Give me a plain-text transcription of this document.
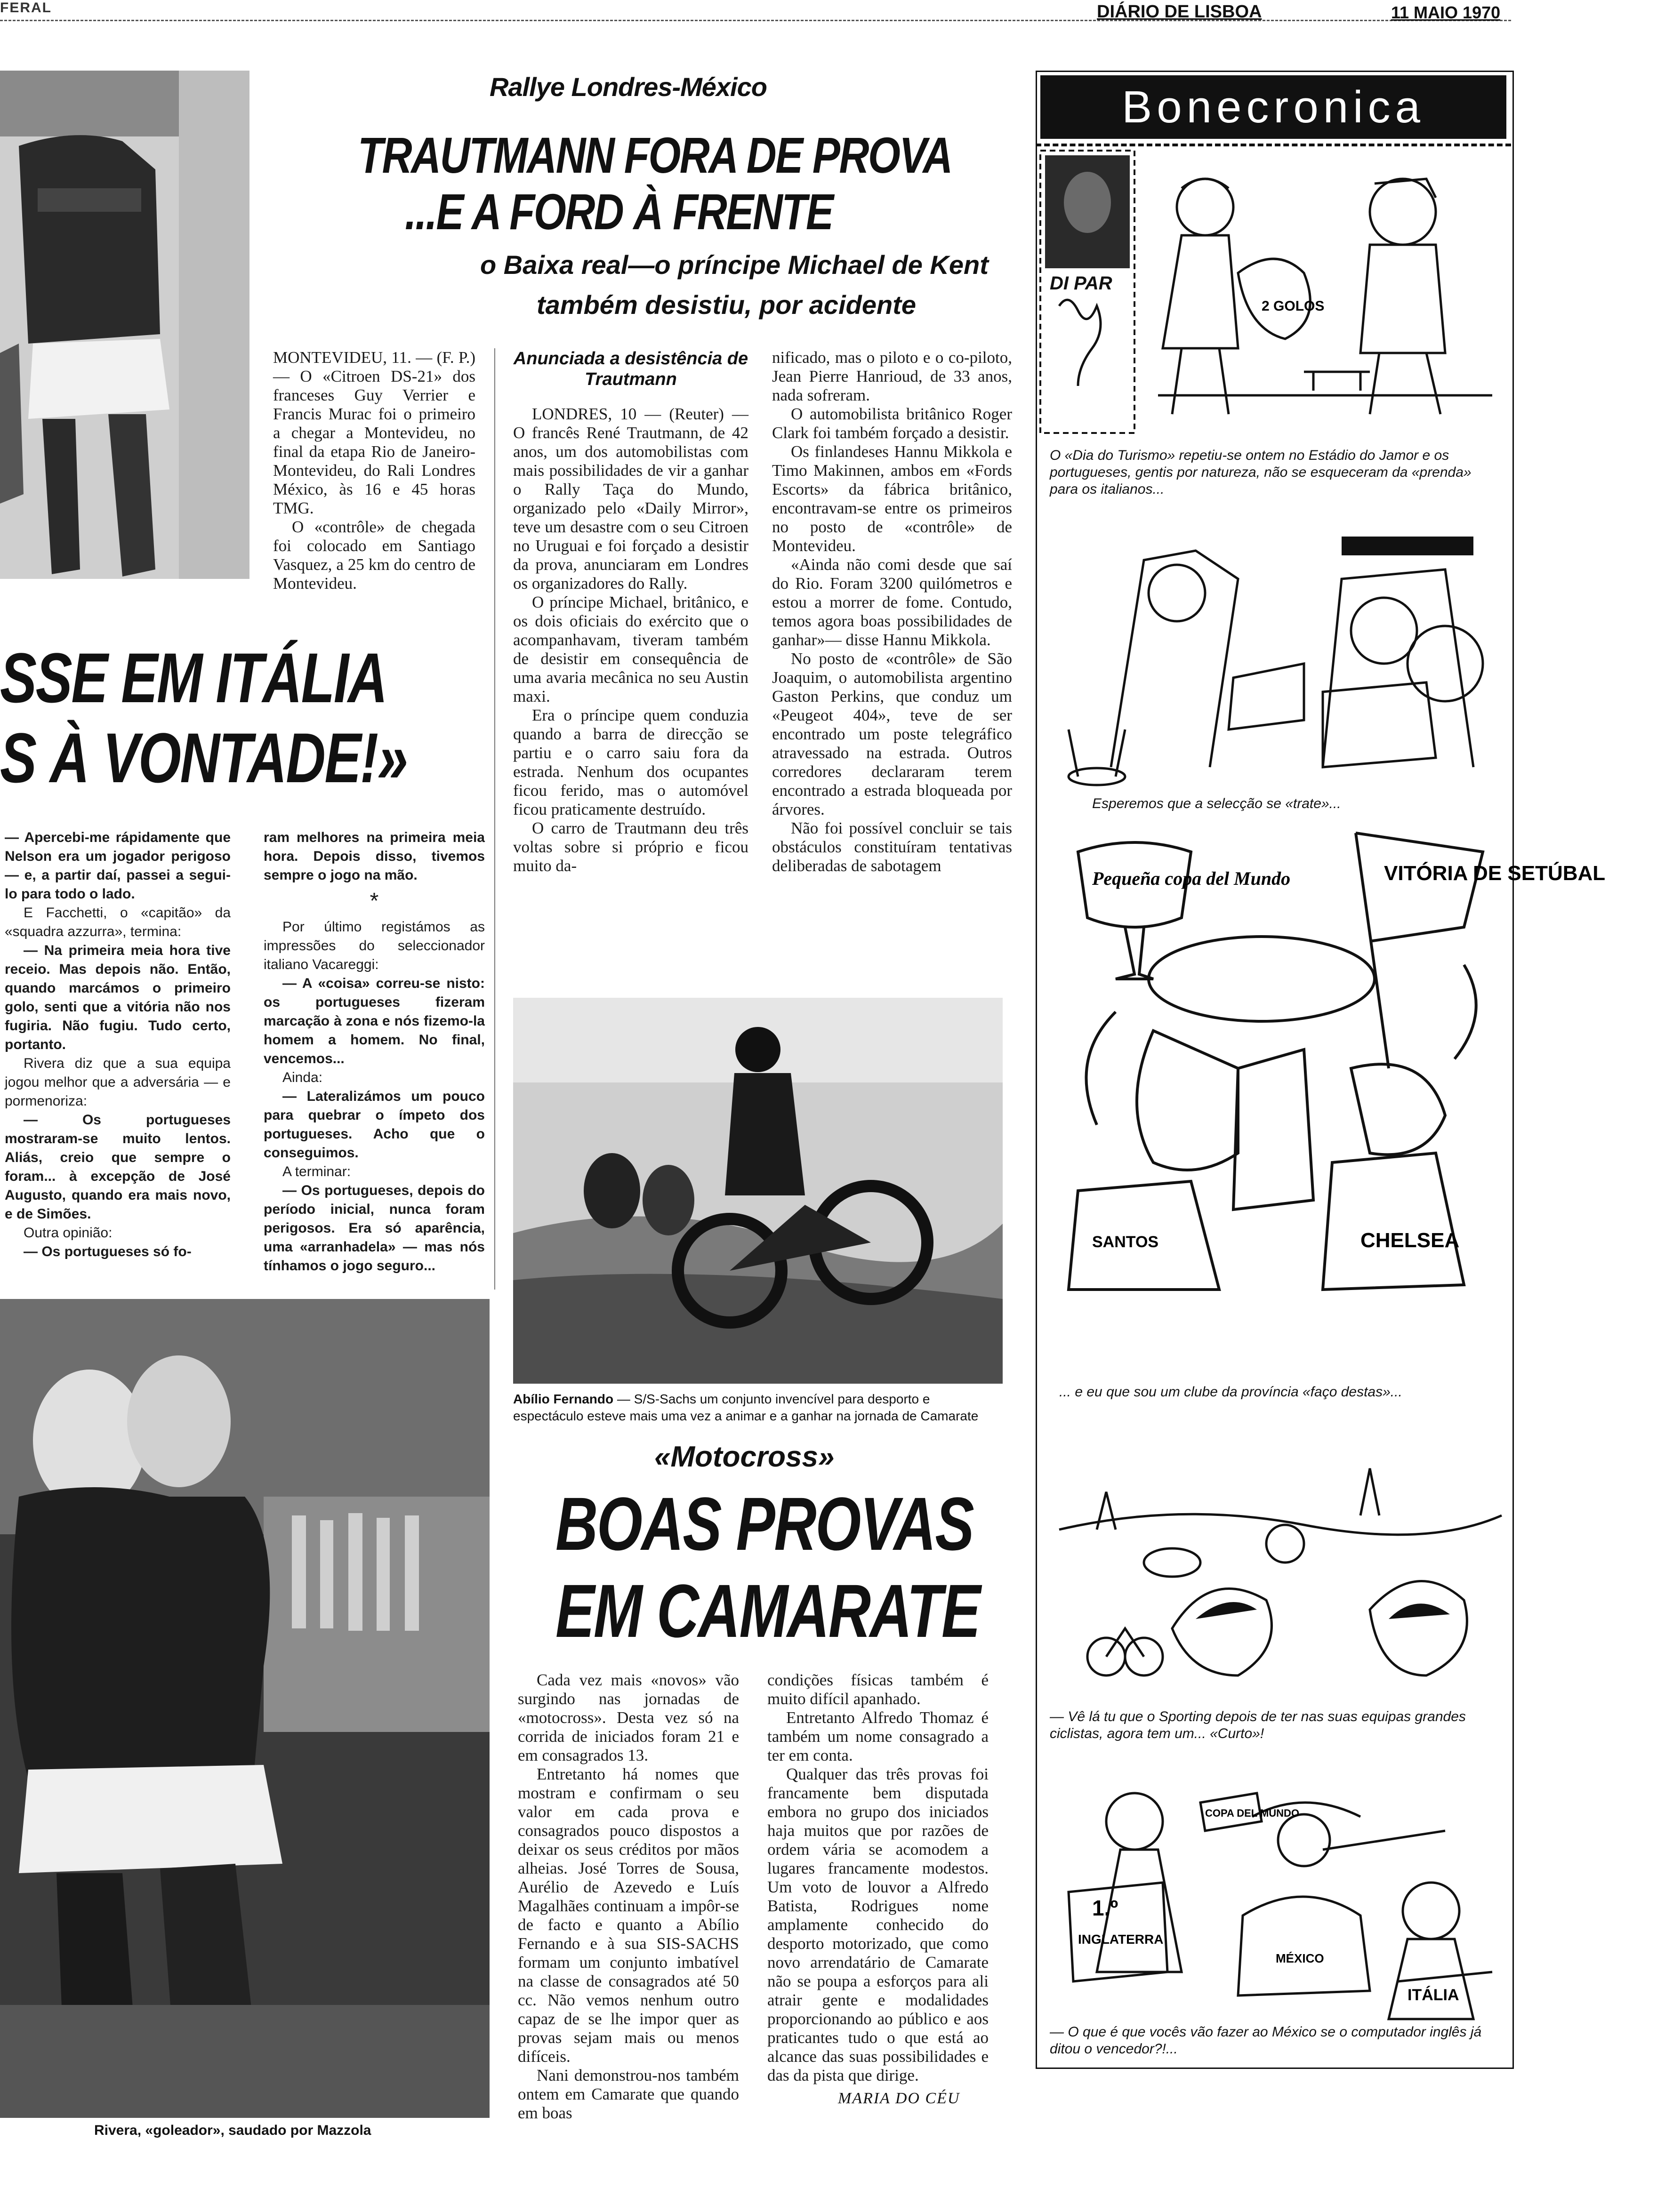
FERAL	DIÁRIO DE LISBOA	11 MAIO 1970
Rallye Londres-México
TRAUTMANN FORA DE PROVA
...E A FORD À FRENTE
o Baixa real—o príncipe Michael de Kent
também desistiu, por acidente

MONTEVIDEU, 11. — (F. P.) — O «Citroen DS-21» dos franceses Guy Verrier e Francis Murac foi o primeiro a chegar a Montevideu, no final da etapa Rio de Janeiro-Montevideu, do Rali Londres México, às 16 e 45 horas TMG.

O «contrôle» de chegada foi colocado em Santiago Vasquez, a 25 km do centro de Montevideu.

Anunciada a desistência de Trautmann

LONDRES, 10 — (Reuter) — O francês René Trautmann, de 42 anos, um dos automobilistas com mais possibilidades de vir a ganhar o Rally Taça do Mundo, organizado pelo «Daily Mirror», teve um desastre com o seu Citroen no Uruguai e foi forçado a desistir da prova, anunciaram em Londres os organizadores do Rally.

O príncipe Michael, britânico, e os dois oficiais do exército que o acompanhavam, tiveram também de desistir em consequência de uma avaria mecânica no seu Austin maxi.

Era o príncipe quem conduzia quando a barra de direcção se partiu e o carro saiu fora da estrada. Nenhum dos ocupantes ficou ferido, mas o automóvel ficou praticamente destruído.

O carro de Trautmann deu três voltas sobre si próprio e ficou muito da-

nificado, mas o piloto e o co-piloto, Jean Pierre Hanrioud, de 33 anos, nada sofreram.

O automobilista britânico Roger Clark foi também forçado a desistir.

Os finlandeses Hannu Mikkola e Timo Makinnen, ambos em «Fords Escorts» da fábrica britânico, encontravam-se entre os primeiros no posto de «contrôle» de Montevideu.

«Ainda não comi desde que saí do Rio. Foram 3200 quilómetros e estou a morrer de fome. Contudo, temos agora boas possibilidades de ganhar»— disse Hannu Mikkola.

No posto de «contrôle» de São Joaquim, o automobilista argentino Gaston Perkins, que conduz um «Peugeot 404», teve de ser encontrado um poste telegráfico atravessado na estrada. Outros corredores declararam terem encontrado a estrada bloqueada por árvores.

Não foi possível concluir se tais obstáculos constituíram tentativas deliberadas de sabotagem

SSE EM ITÁLIA
S À VONTADE!»

— Apercebi-me rápidamente que Nelson era um jogador perigoso — e, a partir daí, passei a segui-lo para todo o lado.

E Facchetti, o «capitão» da «squadra azzurra», termina:

— Na primeira meia hora tive receio. Mas depois não. Então, quando marcámos o primeiro golo, senti que a vitória não nos fugiria. Não fugiu. Tudo certo, portanto.

Rivera diz que a sua equipa jogou melhor que a adversária — e pormenoriza:

— Os portugueses mostraram-se muito lentos. Aliás, creio que sempre o foram... à excepção de José Augusto, quando era mais novo, e de Simões.

Outra opinião:

— Os portugueses só fo-

ram melhores na primeira meia hora. Depois disso, tivemos sempre o jogo na mão.

*

Por último registámos as impressões do seleccionador italiano Vacareggi:

— A «coisa» correu-se nisto: os portugueses fizeram marcação à zona e nós fizemo-la homem a homem. No final, vencemos...

Ainda:

— Lateralizámos um pouco para quebrar o ímpeto dos portugueses. Acho que o conseguimos.

A terminar:

— Os portugueses, depois do período inicial, nunca foram perigosos. Era só aparência, uma «arranhadela» — mas nós tínhamos o jogo seguro...

Rivera, «goleador», saudado por Mazzola
Abílio Fernando — S/S-Sachs um conjunto invencível para desporto e espectáculo esteve mais uma vez a animar e a ganhar na jornada de Camarate
«Motocross»
BOAS PROVAS
EM CAMARATE

Cada vez mais «novos» vão surgindo nas jornadas de «motocross». Desta vez só na corrida de iniciados foram 21 e em consagrados 13.

Entretanto há nomes que mostram e confirmam o seu valor em cada prova e consagrados pouco dispostos a deixar os seus créditos por mãos alheias. José Torres de Sousa, Aurélio de Azevedo e Luís Magalhães continuam a impôr-se de facto e quanto a Abílio Fernando e à sua SIS-SACHS formam um conjunto imbatível na classe de consagrados até 50 cc. Não vemos nenhum outro capaz de se lhe impor quer as provas sejam mais ou menos difíceis.

Nani demonstrou-nos também ontem em Camarate que quando em boas

condições físicas também é muito difícil apanhado.

Entretanto Alfredo Thomaz é também um nome consagrado a ter em conta.

Qualquer das três provas foi francamente bem disputada embora no grupo dos iniciados haja muitos que por razões de ordem vária se acomodem a lugares francamente modestos. Um voto de louvor a Alfredo Batista, Rodrigues nome amplamente conhecido do desporto motorizado, que como novo arrendatário de Camarate não se poupa a esforços para ali atrair gente e modalidades proporcionando ao público e aos praticantes tudo o que está ao alcance das suas possibilidades e das da pista que dirige.

MARIA DO CÉU
Bonecronica
2 GOLOS
DI PAR
O «Dia do Turismo» repetiu-se ontem no Estádio do Jamor e os portugueses, gentis por natureza, não se esqueceram da «prenda» para os italianos...
Esperemos que a selecção se «trate»...
Pequeña copa del Mundo	VITÓRIA DE SETÚBAL
SANTOS	CHELSEA
... e eu que sou um clube da província «faço destas»...
— Vê lá tu que o Sporting depois de ter nas suas equipas grandes ciclistas, agora tem um... «Curto»!
1.º
INGLATERRA
COPA DEL MUNDO
ITÁLIA
MÉXICO
— O que é que vocês vão fazer ao México se o computador inglês já ditou o vencedor?!...
